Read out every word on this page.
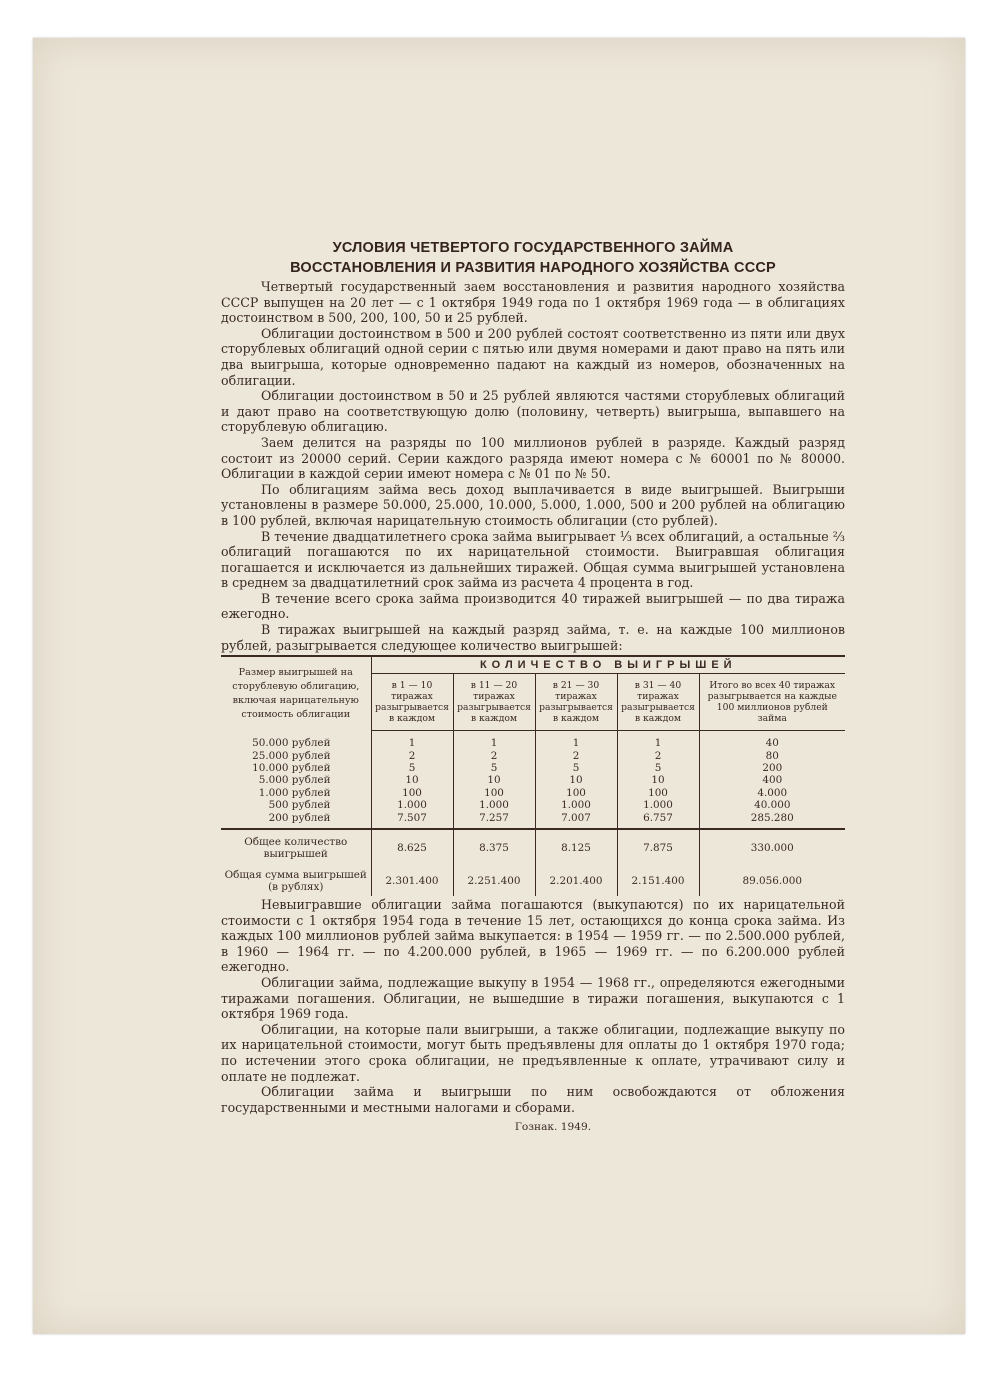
УСЛОВИЯ ЧЕТВЕРТОГО ГОСУДАРСТВЕННОГО ЗАЙМА
ВОССТАНОВЛЕНИЯ И РАЗВИТИЯ НАРОДНОГО ХОЗЯЙСТВА СССР

Четвертый государственный заем восстановления и развития народного хозяйства СССР выпущен на 20 лет — с 1 октября 1949 года по 1 октября 1969 года — в облигациях достоинством в 500, 200, 100, 50 и 25 рублей.

Облигации достоинством в 500 и 200 рублей состоят соответственно из пяти или двух сторублевых облигаций одной серии с пятью или двумя номерами и дают право на пять или два выигрыша, которые одновременно падают на каждый из номеров, обозначенных на облигации.

Облигации достоинством в 50 и 25 рублей являются частями сторублевых облигаций и дают право на соответствующую долю (половину, четверть) выигрыша, выпавшего на сторублевую облигацию.

Заем делится на разряды по 100 миллионов рублей в разряде. Каждый разряд состоит из 20000 серий. Серии каждого разряда имеют номера с № 60001 по № 80000. Облигации в каждой серии имеют номера с № 01 по № 50.

По облигациям займа весь доход выплачивается в виде выигрышей. Выигрыши установлены в размере 50.000, 25.000, 10.000, 5.000, 1.000, 500 и 200 рублей на облигацию в 100 рублей, включая нарицательную стоимость облигации (сто рублей).

В течение двадцатилетнего срока займа выигрывает ⅓ всех облигаций, а остальные ⅔ облигаций погашаются по их нарицательной стоимости. Выигравшая облигация погашается и исключается из дальнейших тиражей. Общая сумма выигрышей установлена в среднем за двадцатилетний срок займа из расчета 4 процента в год.

В течение всего срока займа производится 40 тиражей выигрышей — по два тиража ежегодно.

В тиражах выигрышей на каждый разряд займа, т. е. на каждые 100 миллионов рублей, разыгрывается следующее количество выигрышей:

Размер выигрышей на сторублевую облигацию, включая нарицательную стоимость облигации	КОЛИЧЕСТВО ВЫИГРЫШЕЙ				
	в 1 — 10 тиражах разыгрывается в каждом	в 11 — 20 тиражах разыгрывается в каждом	в 21 — 30 тиражах разыгрывается в каждом	в 31 — 40 тиражах разыгрывается в каждом	Итого во всех 40 тиражах разыгрывается на каждые 100 миллионов рублей займа
50.000 рублей	1	1	1	1	40
25.000 рублей	2	2	2	2	80
10.000 рублей	5	5	5	5	200
5.000 рублей	10	10	10	10	400
1.000 рублей	100	100	100	100	4.000
500 рублей	1.000	1.000	1.000	1.000	40.000
200 рублей	7.507	7.257	7.007	6.757	285.280
Общее количество выигрышей	8.625	8.375	8.125	7.875	330.000
Общая сумма выигрышей (в рублях)	2.301.400	2.251.400	2.201.400	2.151.400	89.056.000

Невыигравшие облигации займа погашаются (выкупаются) по их нарицательной стоимости с 1 октября 1954 года в течение 15 лет, остающихся до конца срока займа. Из каждых 100 миллионов рублей займа выкупается: в 1954 — 1959 гг. — по 2.500.000 рублей, в 1960 — 1964 гг. — по 4.200.000 рублей, в 1965 — 1969 гг. — по 6.200.000 рублей ежегодно.

Облигации займа, подлежащие выкупу в 1954 — 1968 гг., определяются ежегодными тиражами погашения. Облигации, не вышедшие в тиражи погашения, выкупаются с 1 октября 1969 года.

Облигации, на которые пали выигрыши, а также облигации, подлежащие выкупу по их нарицательной стоимости, могут быть предъявлены для оплаты до 1 октября 1970 года; по истечении этого срока облигации, не предъявленные к оплате, утрачивают силу и оплате не подлежат.

Облигации займа и выигрыши по ним освобождаются от обложения государственными и местными налогами и сборами.

Гознак. 1949.
